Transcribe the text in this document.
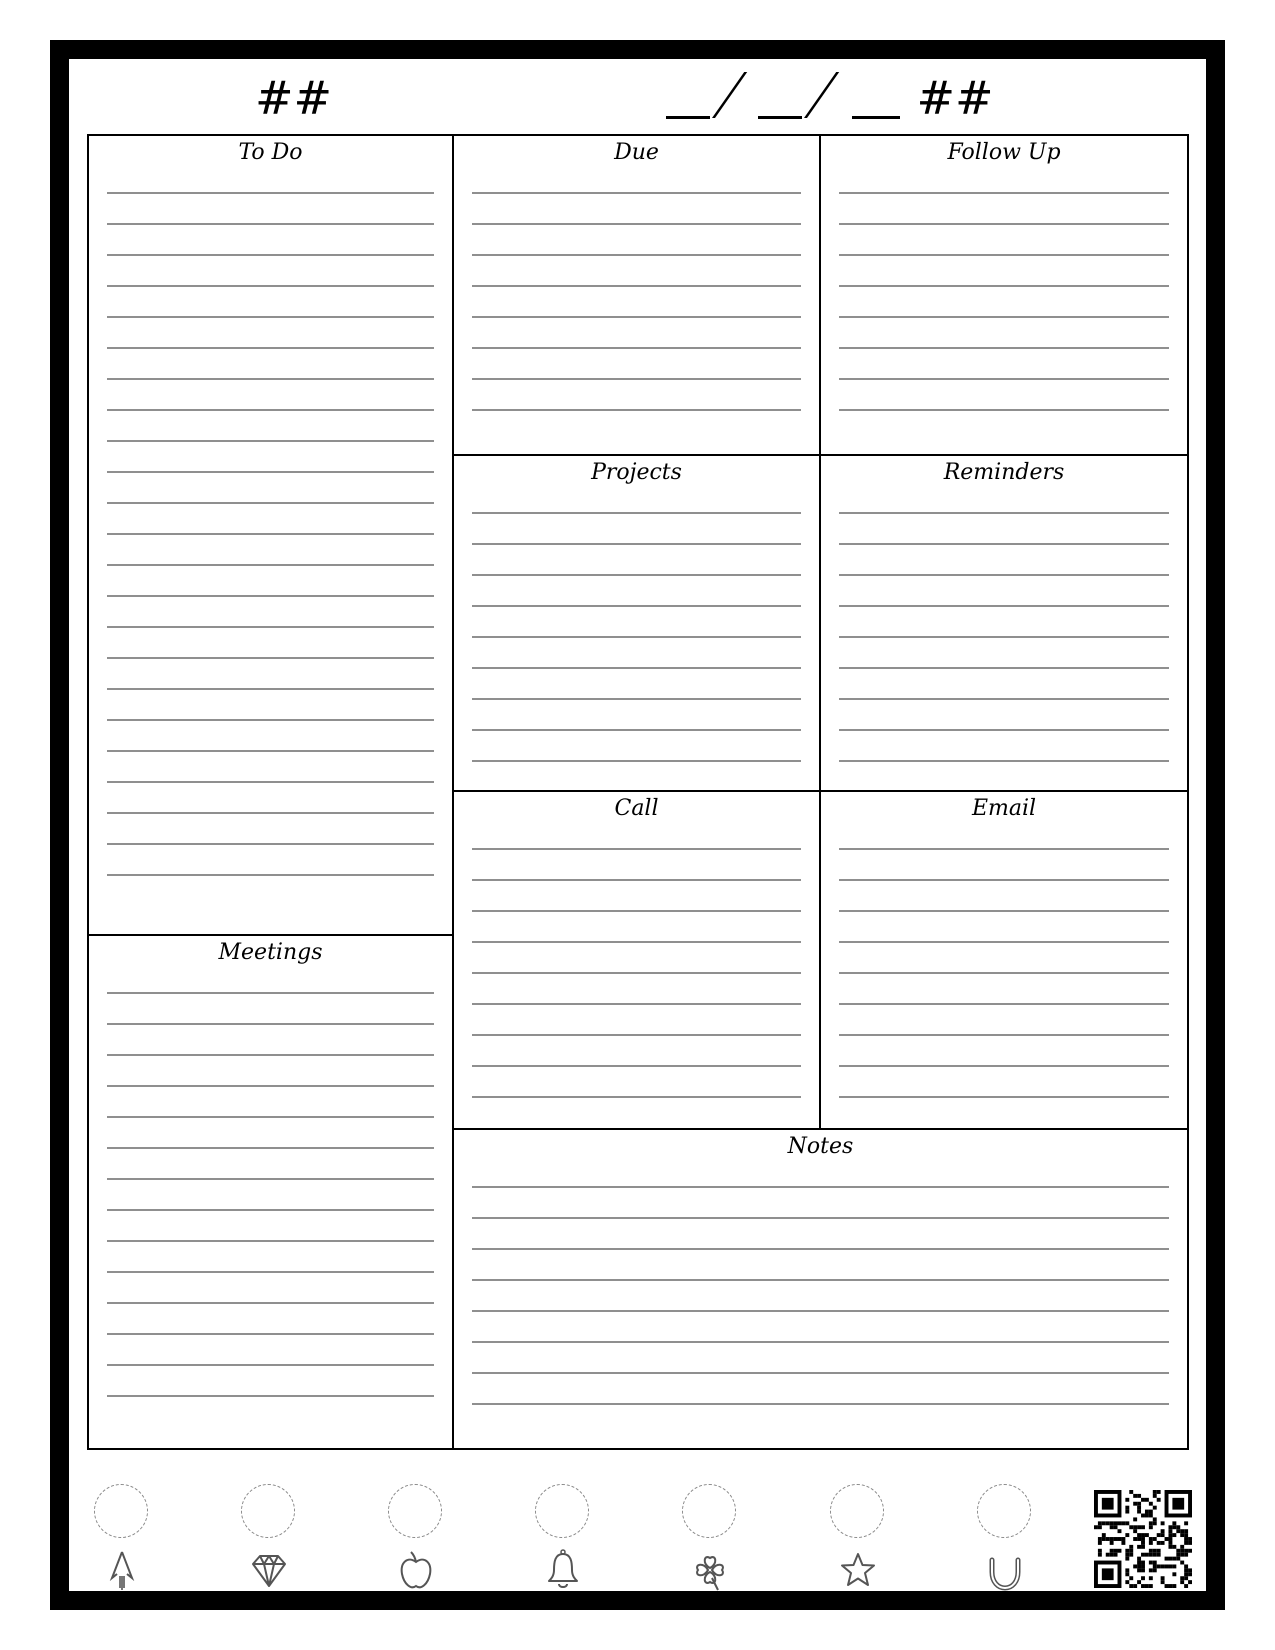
##	##
To Do	Due	Follow Up
Projects	Reminders
Call	Email
Meetings
Notes
